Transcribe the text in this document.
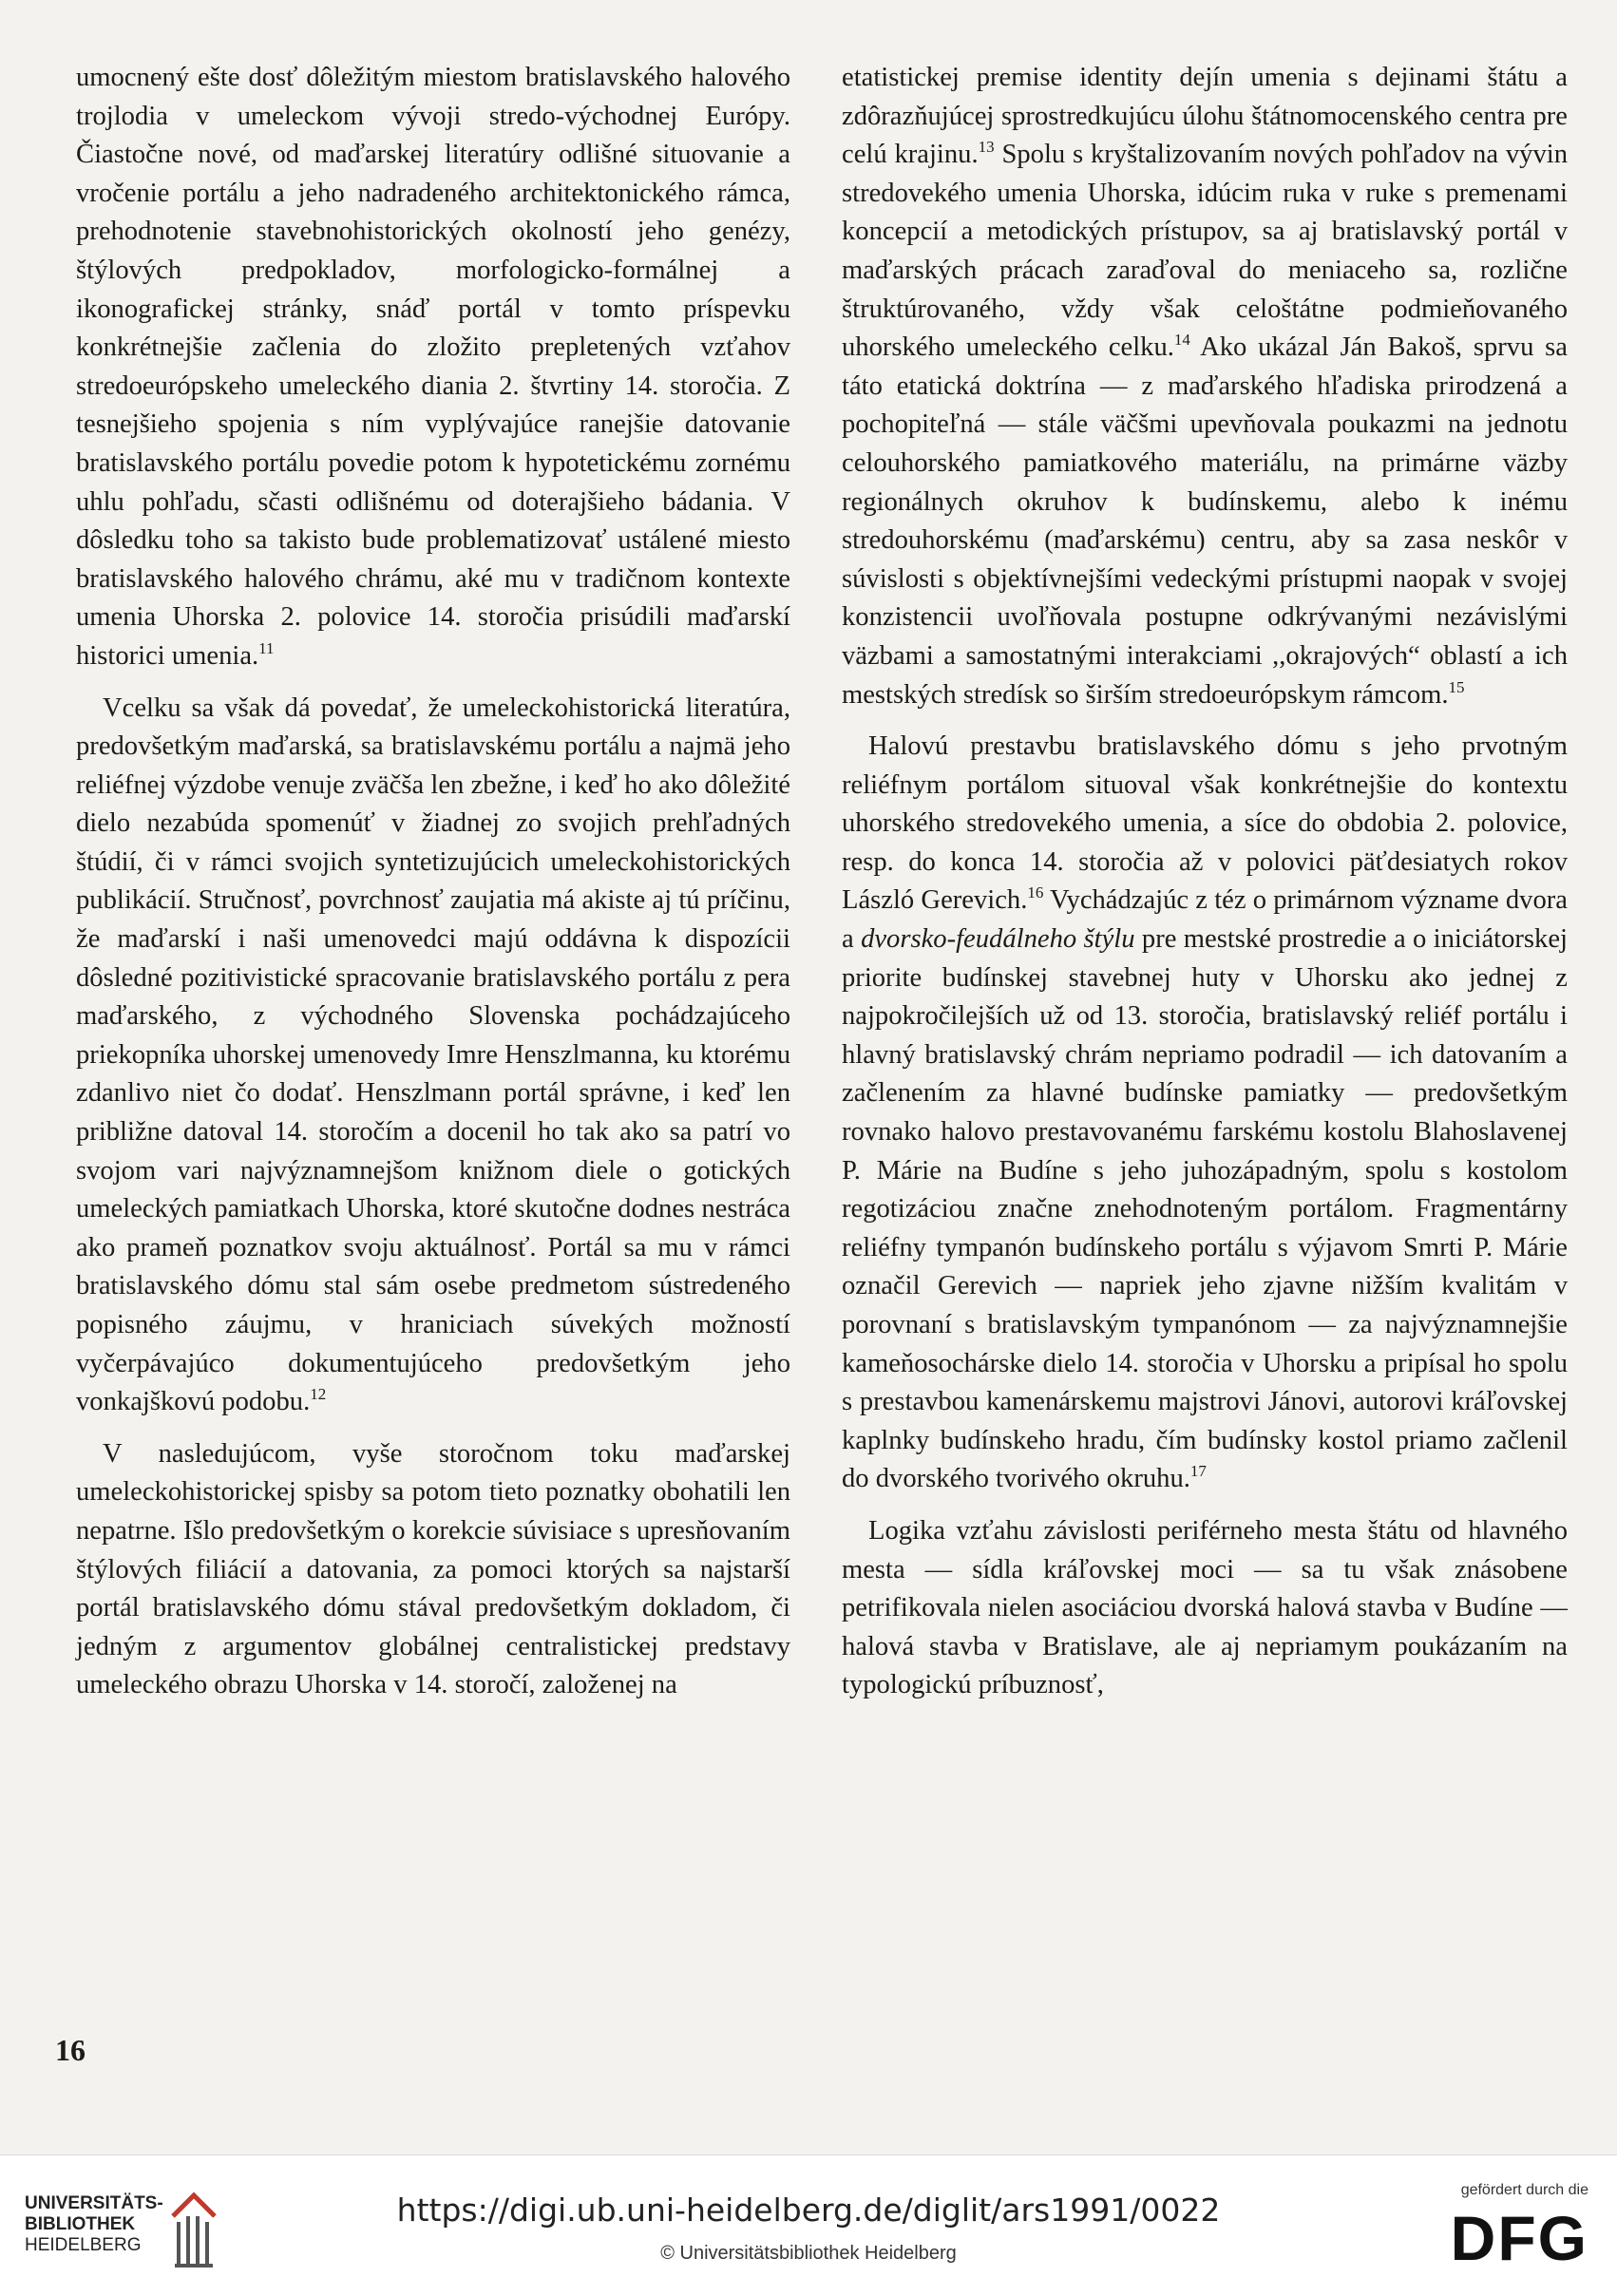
umocnený ešte dosť dôležitým miestom bratislavského halového trojlodia v umeleckom vývoji stredo-východnej Európy. Čiastočne nové, od maďarskej literatúry odlišné situovanie a vročenie portálu a jeho nadradeného architektonického rámca, prehodnotenie stavebnohistorických okolností jeho genézy, štýlových predpokladov, morfologicko-formálnej a ikonografickej stránky, snáď portál v tomto príspevku konkrétnejšie začlenia do zložito prepletených vzťahov stredoeurópskeho umeleckého diania 2. štvrtiny 14. storočia. Z tesnejšieho spojenia s ním vyplývajúce ranejšie datovanie bratislavského portálu povedie potom k hypotetickému zornému uhlu pohľadu, sčasti odlišnému od doterajšieho bádania. V dôsledku toho sa takisto bude problematizovať ustálené miesto bratislavského halového chrámu, aké mu v tradičnom kontexte umenia Uhorska 2. polovice 14. storočia prisúdili maďarskí historici umenia.$^{11}$

Vcelku sa však dá povedať, že umeleckohistorická literatúra, predovšetkým maďarská, sa bratislavskému portálu a najmä jeho reliéfnej výzdobe venuje zväčša len zbežne, i keď ho ako dôležité dielo nezabúda spomenúť v žiadnej zo svojich prehľadných štúdií, či v rámci svojich syntetizujúcich umeleckohistorických publikácií. Stručnosť, povrchnosť zaujatia má akiste aj tú príčinu, že maďarskí i naši umenovedci majú oddávna k dispozícii dôsledné pozitivistické spracovanie bratislavského portálu z pera maďarského, z východného Slovenska pochádzajúceho priekopníka uhorskej umenovedy Imre Henszlmanna, ku ktorému zdanlivo niet čo dodať. Henszlmann portál správne, i keď len približne datoval 14. storočím a docenil ho tak ako sa patrí vo svojom vari najvýznamnejšom knižnom diele o gotických umeleckých pamiatkach Uhorska, ktoré skutočne dodnes nestráca ako prameň poznatkov svoju aktuálnosť. Portál sa mu v rámci bratislavského dómu stal sám osebe predmetom sústredeného popisného záujmu, v hraniciach súvekých možností vyčerpávajúco dokumentujúceho predovšetkým jeho vonkajškovú podobu.$^{12}$

V nasledujúcom, vyše storočnom toku maďarskej umeleckohistorickej spisby sa potom tieto poznatky obohatili len nepatrne. Išlo predovšetkým o korekcie súvisiace s upresňovaním štýlových filiácií a datovania, za pomoci ktorých sa najstarší portál bratislavského dómu stával predovšetkým dokladom, či jedným z argumentov globálnej centralistickej predstavy umeleckého obrazu Uhorska v 14. storočí, založenej na

etatistickej premise identity dejín umenia s dejinami štátu a zdôrazňujúcej sprostredkujúcu úlohu štátnomocenského centra pre celú krajinu.$^{13}$ Spolu s kryštalizovaním nových pohľadov na vývin stredovekého umenia Uhorska, idúcim ruka v ruke s premenami koncepcií a metodických prístupov, sa aj bratislavský portál v maďarských prácach zaraďoval do meniaceho sa, rozlične štruktúrovaného, vždy však celoštátne podmieňovaného uhorského umeleckého celku.$^{14}$ Ako ukázal Ján Bakoš, sprvu sa táto etatická doktrína — z maďarského hľadiska prirodzená a pochopiteľná — stále väčšmi upevňovala poukazmi na jednotu celouhorského pamiatkového materiálu, na primárne väzby regionálnych okruhov k budínskemu, alebo k inému stredouhorskému (maďarskému) centru, aby sa zasa neskôr v súvislosti s objektívnejšími vedeckými prístupmi naopak v svojej konzistencii uvoľňovala postupne odkrývanými nezávislými väzbami a samostatnými interakciami ,,okrajových“ oblastí a ich mestských stredísk so širším stredoeurópskym rámcom.$^{15}$

Halovú prestavbu bratislavského dómu s jeho prvotným reliéfnym portálom situoval však konkrétnejšie do kontextu uhorského stredovekého umenia, a síce do obdobia 2. polovice, resp. do konca 14. storočia až v polovici päťdesiatych rokov László Gerevich.$^{16}$ Vychádzajúc z téz o primárnom význame dvora a dvorsko-feudálneho štýlu pre mestské prostredie a o iniciátorskej priorite budínskej stavebnej huty v Uhorsku ako jednej z najpokročilejších už od 13. storočia, bratislavský reliéf portálu i hlavný bratislavský chrám nepriamo podradil — ich datovaním a začlenením za hlavné budínske pamiatky — predovšetkým rovnako halovo prestavovanému farskému kostolu Blahoslavenej P. Márie na Budíne s jeho juhozápadným, spolu s kostolom regotizáciou značne znehodnoteným portálom. Fragmentárny reliéfny tympanón budínskeho portálu s výjavom Smrti P. Márie označil Gerevich — napriek jeho zjavne nižším kvalitám v porovnaní s bratislavským tympanónom — za najvýznamnejšie kameňosochárske dielo 14. storočia v Uhorsku a pripísal ho spolu s prestavbou kamenárskemu majstrovi Jánovi, autorovi kráľovskej kaplnky budínskeho hradu, čím budínsky kostol priamo začlenil do dvorského tvorivého okruhu.$^{17}$

Logika vzťahu závislosti periférneho mesta štátu od hlavného mesta — sídla kráľovskej moci — sa tu však znásobene petrifikovala nielen asociáciou dvorská halová stavba v Budíne — halová stavba v Bratislave, ale aj nepriamym poukázaním na typologickú príbuznosť,

16
UNIVERSITÄTS-
BIBLIOTHEK
HEIDELBERG
https://digi.ub.uni-heidelberg.de/diglit/ars1991/0022
© Universitätsbibliothek Heidelberg
gefördert durch die
DFG
